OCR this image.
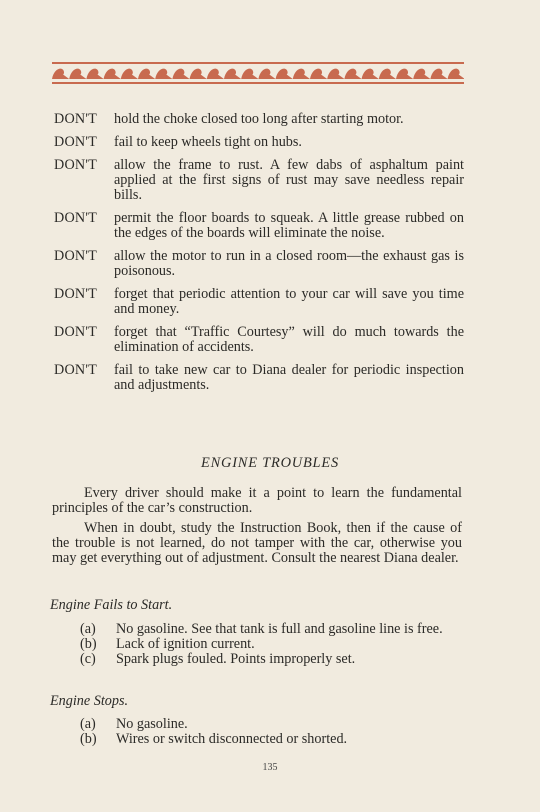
DON'T	hold the choke closed too long after starting motor.
DON'T	fail to keep wheels tight on hubs.
DON'T	allow the frame to rust. A few dabs of asphaltum paint applied at the first signs of rust may save needless repair bills.
DON'T	permit the floor boards to squeak. A little grease rubbed on the edges of the boards will eliminate the noise.
DON'T	allow the motor to run in a closed room—the exhaust gas is poisonous.
DON'T	forget that periodic attention to your car will save you time and money.
DON'T	forget that “Traffic Courtesy” will do much towards the elimination of accidents.
DON'T	fail to take new car to Diana dealer for periodic inspection and adjustments.
ENGINE TROUBLES
Every driver should make it a point to learn the fundamental principles of the car’s construction.
When in doubt, study the Instruction Book, then if the cause of the trouble is not learned, do not tamper with the car, otherwise you may get everything out of adjustment. Consult the nearest Diana dealer.
Engine Fails to Start.
(a)	No gasoline. See that tank is full and gasoline line is free.
(b)	Lack of ignition current.
(c)	Spark plugs fouled. Points improperly set.
Engine Stops.
(a)	No gasoline.
(b)	Wires or switch disconnected or shorted.
135
